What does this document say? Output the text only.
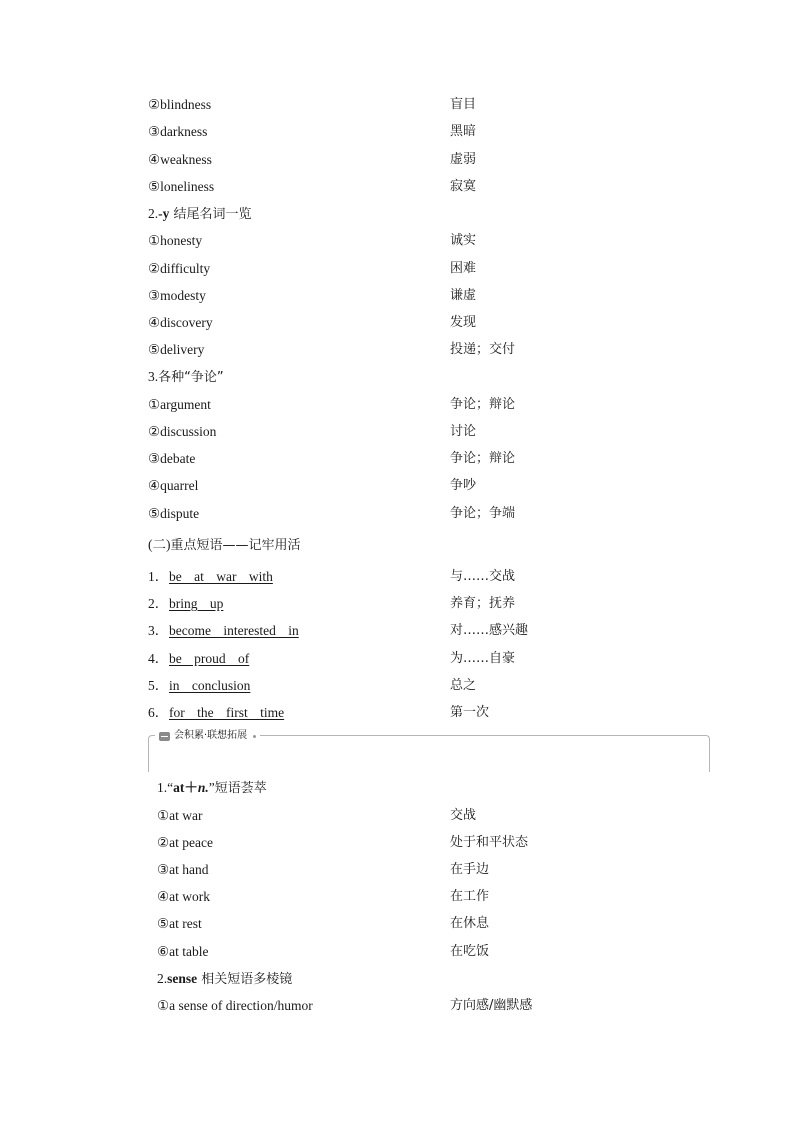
②blindness	盲目
③darkness	黑暗
④weakness	虚弱
⑤loneliness	寂寞
2.-y 结尾名词一览
①honesty	诚实
②difficulty	困难
③modesty	谦虚
④discovery	发现
⑤delivery	投递；交付
3.各种“争论”
①argument	争论；辩论
②discussion	讨论
③debate	争论；辩论
④quarrel	争吵
⑤dispute	争论；争端
(二)重点短语——记牢用活
1．be at war with	与……交战
2．bring up	养育；抚养
3．become interested in	对……感兴趣
4．be proud of	为……自豪
5．in conclusion	总之
6．for the first time	第一次
会积累·联想拓展
1.“at＋n.”短语荟萃
①at war	交战
②at peace	处于和平状态
③at hand	在手边
④at work	在工作
⑤at rest	在休息
⑥at table	在吃饭
2.sense 相关短语多棱镜
①a sense of direction/humor	方向感/幽默感
